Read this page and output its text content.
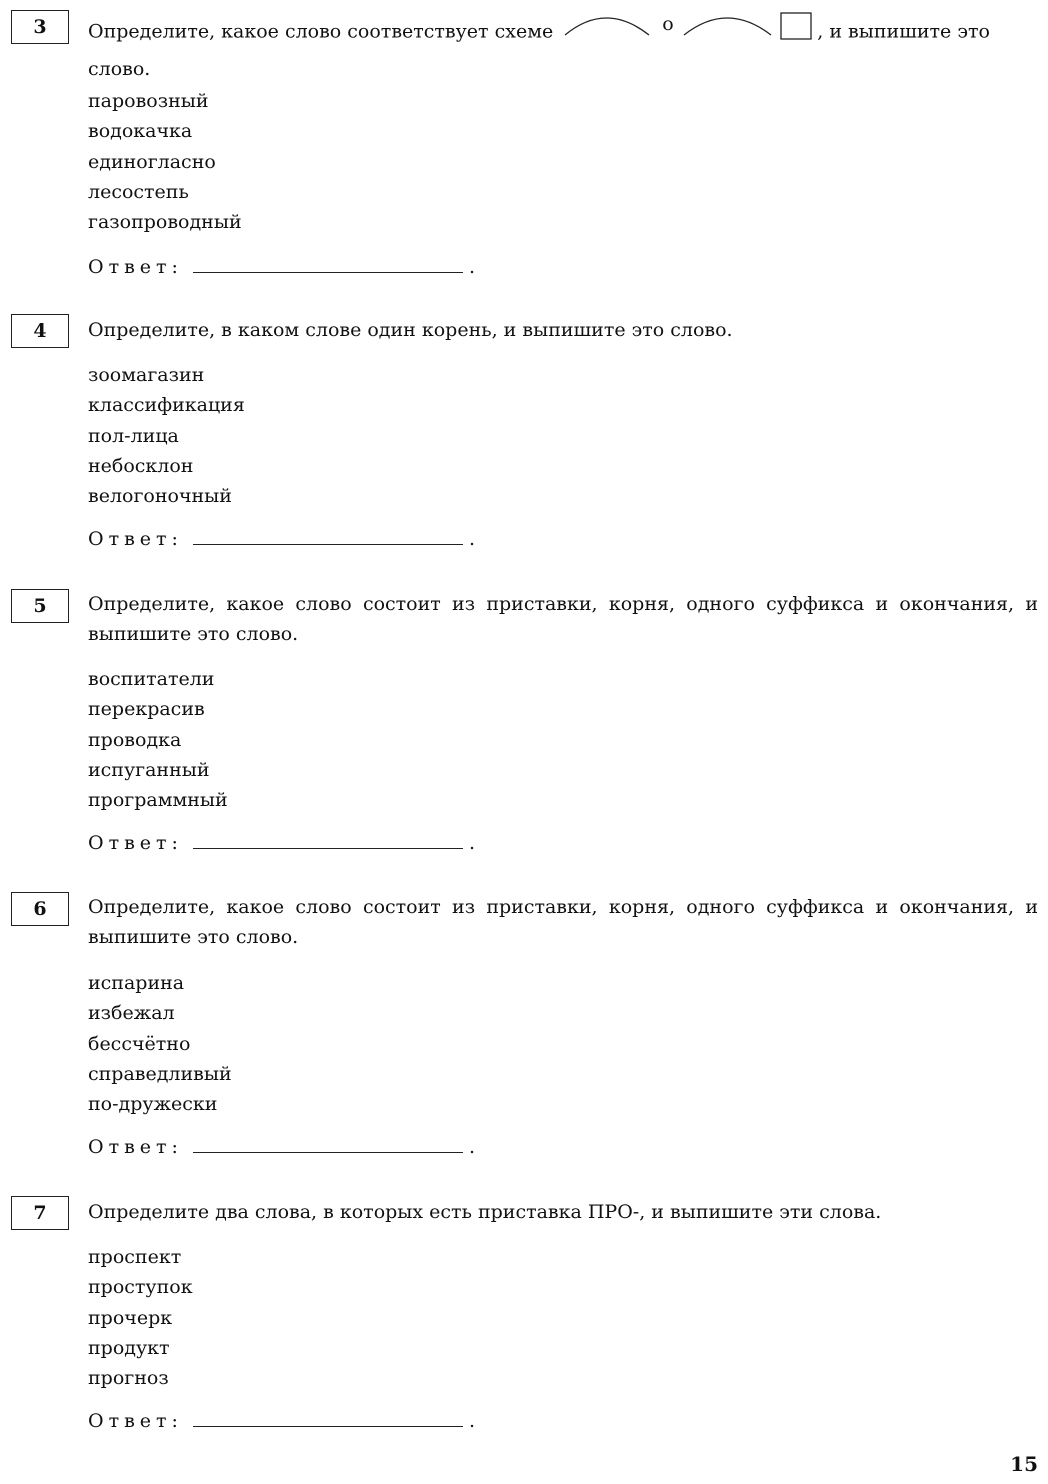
3 Определите, какое слово соответствует схеме	о	, и выпишите это слово.

паровозный
водокачка
единогласно
лесостепь
газопроводный
Ответ:	.
4 Определите, в каком слове один корень, и выпишите это слово.

зоомагазин
классификация
пол-лица
небосклон
велогоночный
Ответ:	.
5 Определите, какое слово состоит из приставки, корня, одного суффикса и окончания, и выпишите это слово.

воспитатели
перекрасив
проводка
испуганный
программный
Ответ:	.
6 Определите, какое слово состоит из приставки, корня, одного суффикса и окончания, и выпишите это слово.

испарина
избежал
бессчётно
справедливый
по-дружески
Ответ:	.
7 Определите два слова, в которых есть приставка ПРО-, и выпишите эти слова.

проспект
проступок
прочерк
продукт
прогноз
Ответ:	.
15
